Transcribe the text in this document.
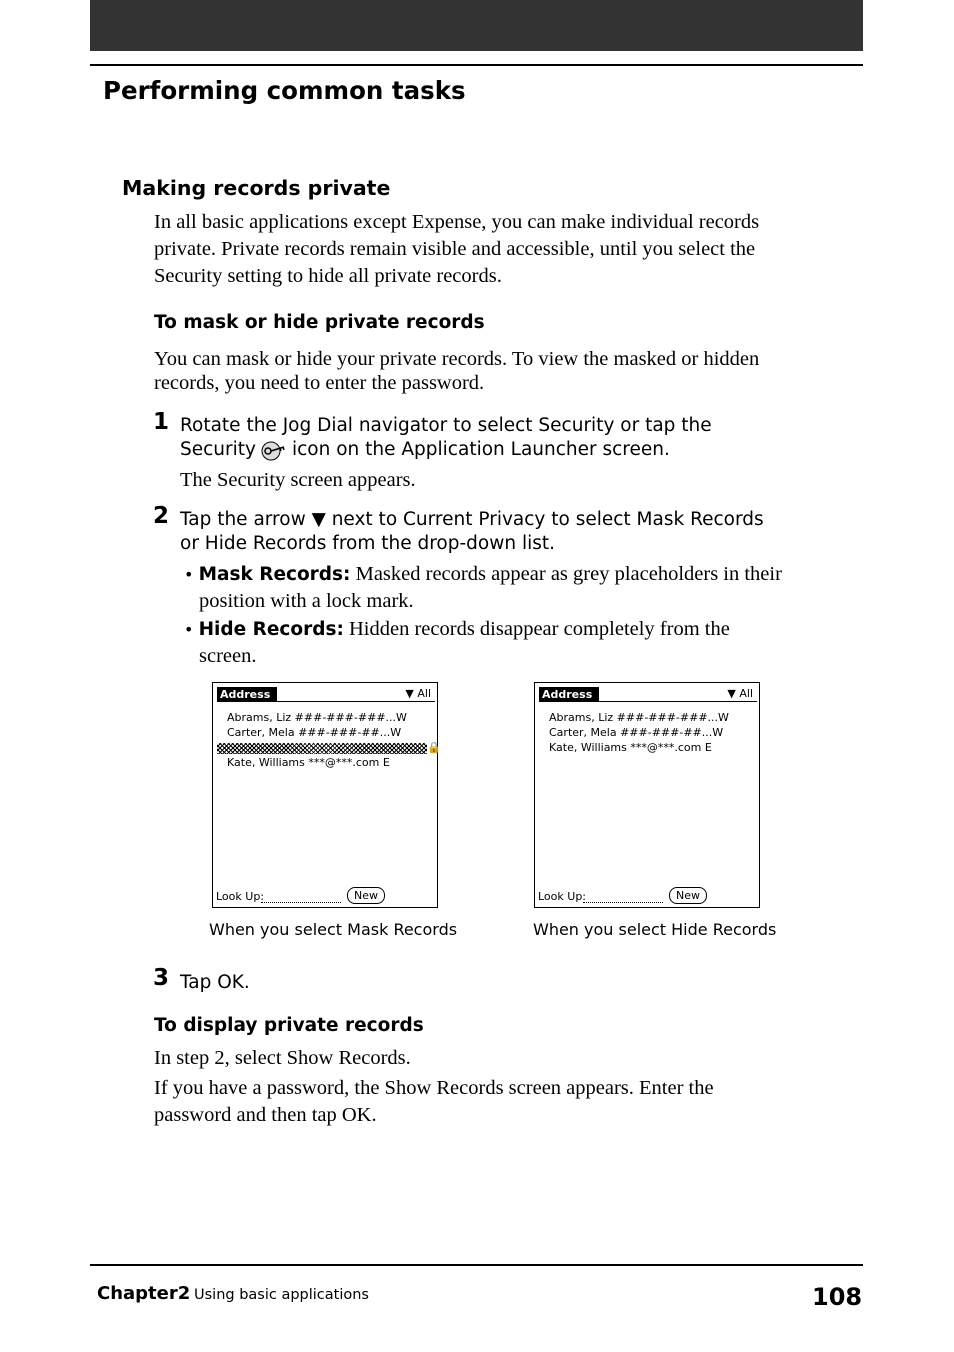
Performing common tasks
Making records private
In all basic applications except Expense, you can make individual records
private. Private records remain visible and accessible, until you select the
Security setting to hide all private records.
To mask or hide private records
You can mask or hide your private records. To view the masked or hidden
records, you need to enter the password.
1 Rotate the Jog Dial navigator to select Security or tap the
Security icon on the Application Launcher screen.
The Security screen appears.
2 Tap the arrow ▼ next to Current Privacy to select Mask Records
or Hide Records from the drop-down list.
• Mask Records: Masked records appear as grey placeholders in their
position with a lock mark.
• Hide Records: Hidden records disappear completely from the
screen.
Address	▼ All
Abrams, Liz ###-###-###...W
Carter, Mela ###-###-##...W
🔒
Kate, Williams ***@***.com E
Look Up:	New
When you select Mask Records
Address	▼ All
Abrams, Liz ###-###-###...W
Carter, Mela ###-###-##...W
Kate, Williams ***@***.com E
Look Up:	New
When you select Hide Records
3 Tap OK.
To display private records
In step 2, select Show Records.
If you have a password, the Show Records screen appears. Enter the
password and then tap OK.
Chapter2 Using basic applications	108
